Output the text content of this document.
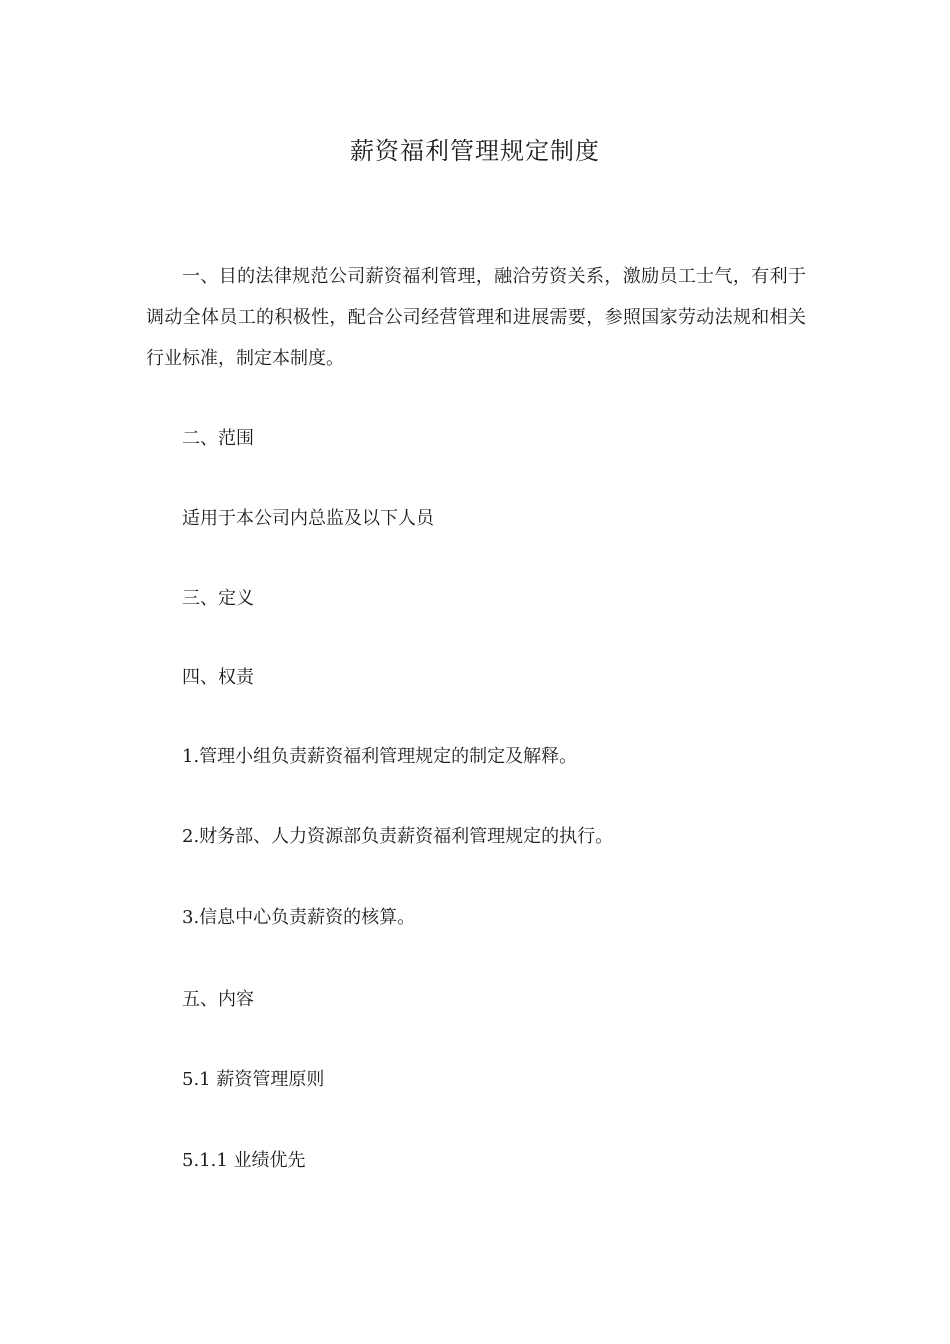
薪资福利管理规定制度
一、目的法律规范公司薪资福利管理，融洽劳资关系，激励员工士气，有利于调动全体员工的积极性，配合公司经营管理和进展需要，参照国家劳动法规和相关行业标准，制定本制度。
二、范围
适用于本公司内总监及以下人员
三、定义
四、权责
1.管理小组负责薪资福利管理规定的制定及解释。
2.财务部、人力资源部负责薪资福利管理规定的执行。
3.信息中心负责薪资的核算。
五、内容
5.1 薪资管理原则
5.1.1 业绩优先
